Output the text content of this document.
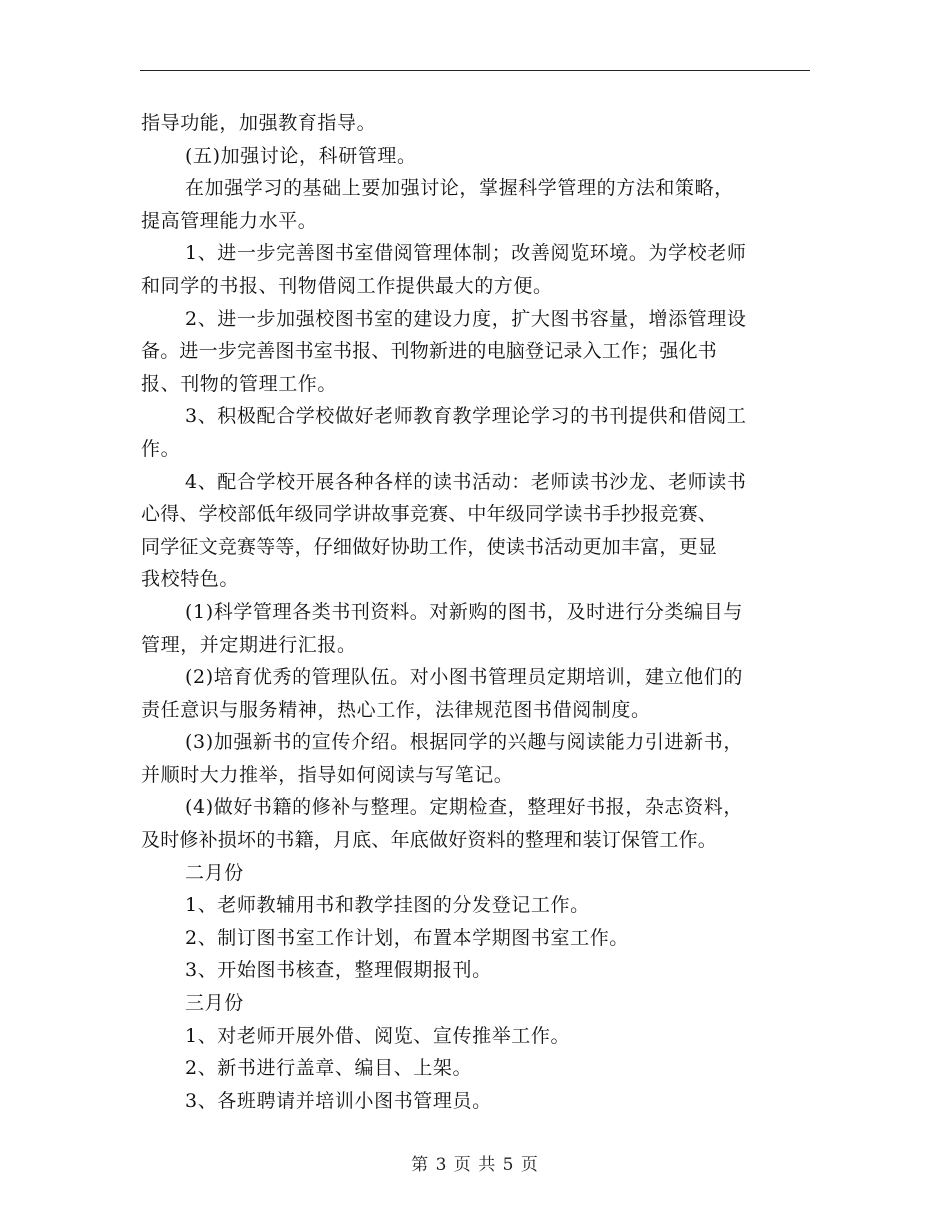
指导功能，加强教育指导。
(五)加强讨论，科研管理。
在加强学习的基础上要加强讨论，掌握科学管理的方法和策略，
提高管理能力水平。
1、进一步完善图书室借阅管理体制；改善阅览环境。为学校老师
和同学的书报、刊物借阅工作提供最大的方便。
2、进一步加强校图书室的建设力度，扩大图书容量，增添管理设
备。进一步完善图书室书报、刊物新进的电脑登记录入工作；强化书
报、刊物的管理工作。
3、积极配合学校做好老师教育教学理论学习的书刊提供和借阅工
作。
4、配合学校开展各种各样的读书活动：老师读书沙龙、老师读书
心得、学校部低年级同学讲故事竞赛、中年级同学读书手抄报竞赛、
同学征文竞赛等等，仔细做好协助工作，使读书活动更加丰富，更显
我校特色。
(1)科学管理各类书刊资料。对新购的图书，及时进行分类编目与
管理，并定期进行汇报。
(2)培育优秀的管理队伍。对小图书管理员定期培训，建立他们的
责任意识与服务精神，热心工作，法律规范图书借阅制度。
(3)加强新书的宣传介绍。根据同学的兴趣与阅读能力引进新书，
并顺时大力推举，指导如何阅读与写笔记。
(4)做好书籍的修补与整理。定期检查，整理好书报，杂志资料，
及时修补损坏的书籍，月底、年底做好资料的整理和装订保管工作。
二月份
1、老师教辅用书和教学挂图的分发登记工作。
2、制订图书室工作计划，布置本学期图书室工作。
3、开始图书核查，整理假期报刊。
三月份
1、对老师开展外借、阅览、宣传推举工作。
2、新书进行盖章、编目、上架。
3、各班聘请并培训小图书管理员。
第 3 页 共 5 页
